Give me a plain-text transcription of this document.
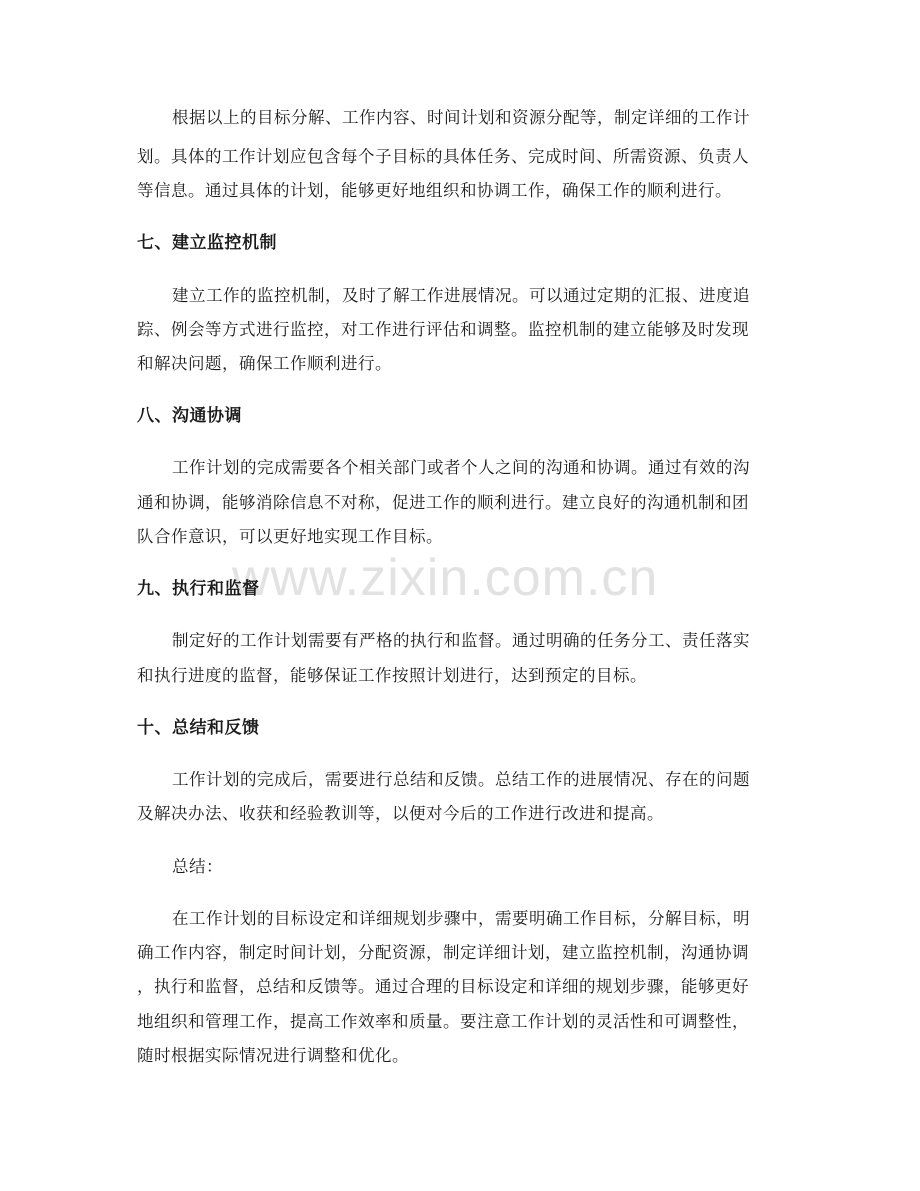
www.zixin.com.cn
根据以上的目标分解、工作内容、时间计划和资源分配等，制定详细的工作计
划。具体的工作计划应包含每个子目标的具体任务、完成时间、所需资源、负责人
等信息。通过具体的计划，能够更好地组织和协调工作，确保工作的顺利进行。
七、建立监控机制
建立工作的监控机制，及时了解工作进展情况。可以通过定期的汇报、进度追
踪、例会等方式进行监控，对工作进行评估和调整。监控机制的建立能够及时发现
和解决问题，确保工作顺利进行。
八、沟通协调
工作计划的完成需要各个相关部门或者个人之间的沟通和协调。通过有效的沟
通和协调，能够消除信息不对称，促进工作的顺利进行。建立良好的沟通机制和团
队合作意识，可以更好地实现工作目标。
九、执行和监督
制定好的工作计划需要有严格的执行和监督。通过明确的任务分工、责任落实
和执行进度的监督，能够保证工作按照计划进行，达到预定的目标。
十、总结和反馈
工作计划的完成后，需要进行总结和反馈。总结工作的进展情况、存在的问题
及解决办法、收获和经验教训等，以便对今后的工作进行改进和提高。
总结：
在工作计划的目标设定和详细规划步骤中，需要明确工作目标，分解目标，明
确工作内容，制定时间计划，分配资源，制定详细计划，建立监控机制，沟通协调
，执行和监督，总结和反馈等。通过合理的目标设定和详细的规划步骤，能够更好
地组织和管理工作，提高工作效率和质量。要注意工作计划的灵活性和可调整性，
随时根据实际情况进行调整和优化。
